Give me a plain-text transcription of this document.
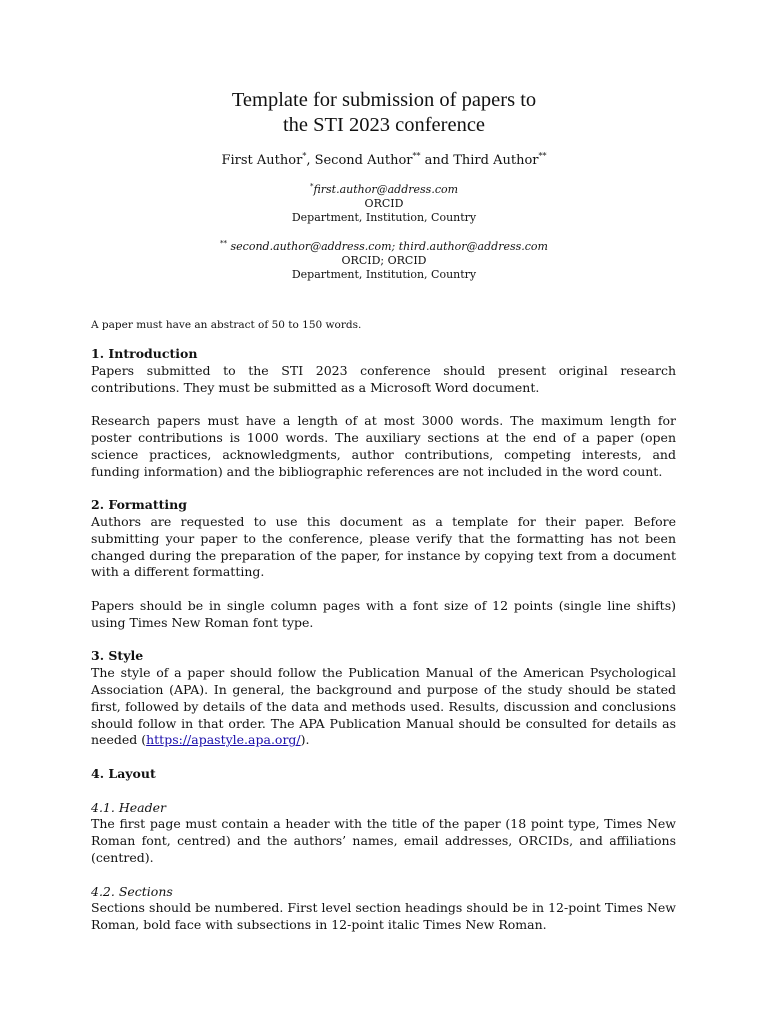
Template for submission of papers to
the STI 2023 conference
First Author*, Second Author** and Third Author**
*first.author@address.com
ORCID
Department, Institution, Country
** second.author@address.com; third.author@address.com
ORCID; ORCID
Department, Institution, Country
A paper must have an abstract of 50 to 150 words.
1. Introduction

Papers submitted to the STI 2023 conference should present original research contributions. They must be submitted as a Microsoft Word document.

Research papers must have a length of at most 3000 words. The maximum length for poster contributions is 1000 words. The auxiliary sections at the end of a paper (open science practices, acknowledgments, author contributions, competing interests, and funding information) and the bibliographic references are not included in the word count.

2. Formatting

Authors are requested to use this document as a template for their paper. Before submitting your paper to the conference, please verify that the formatting has not been changed during the preparation of the paper, for instance by copying text from a document with a different formatting.

Papers should be in single column pages with a font size of 12 points (single line shifts) using Times New Roman font type.

3. Style

The style of a paper should follow the Publication Manual of the American Psychological Association (APA). In general, the background and purpose of the study should be stated first, followed by details of the data and methods used. Results, discussion and conclusions should follow in that order. The APA Publication Manual should be consulted for details as needed (https://apastyle.apa.org/).

4. Layout
4.1. Header

The first page must contain a header with the title of the paper (18 point type, Times New Roman font, centred) and the authors’ names, email addresses, ORCIDs, and affiliations (centred).

4.2. Sections

Sections should be numbered. First level section headings should be in 12-point Times New Roman, bold face with subsections in 12-point italic Times New Roman.
